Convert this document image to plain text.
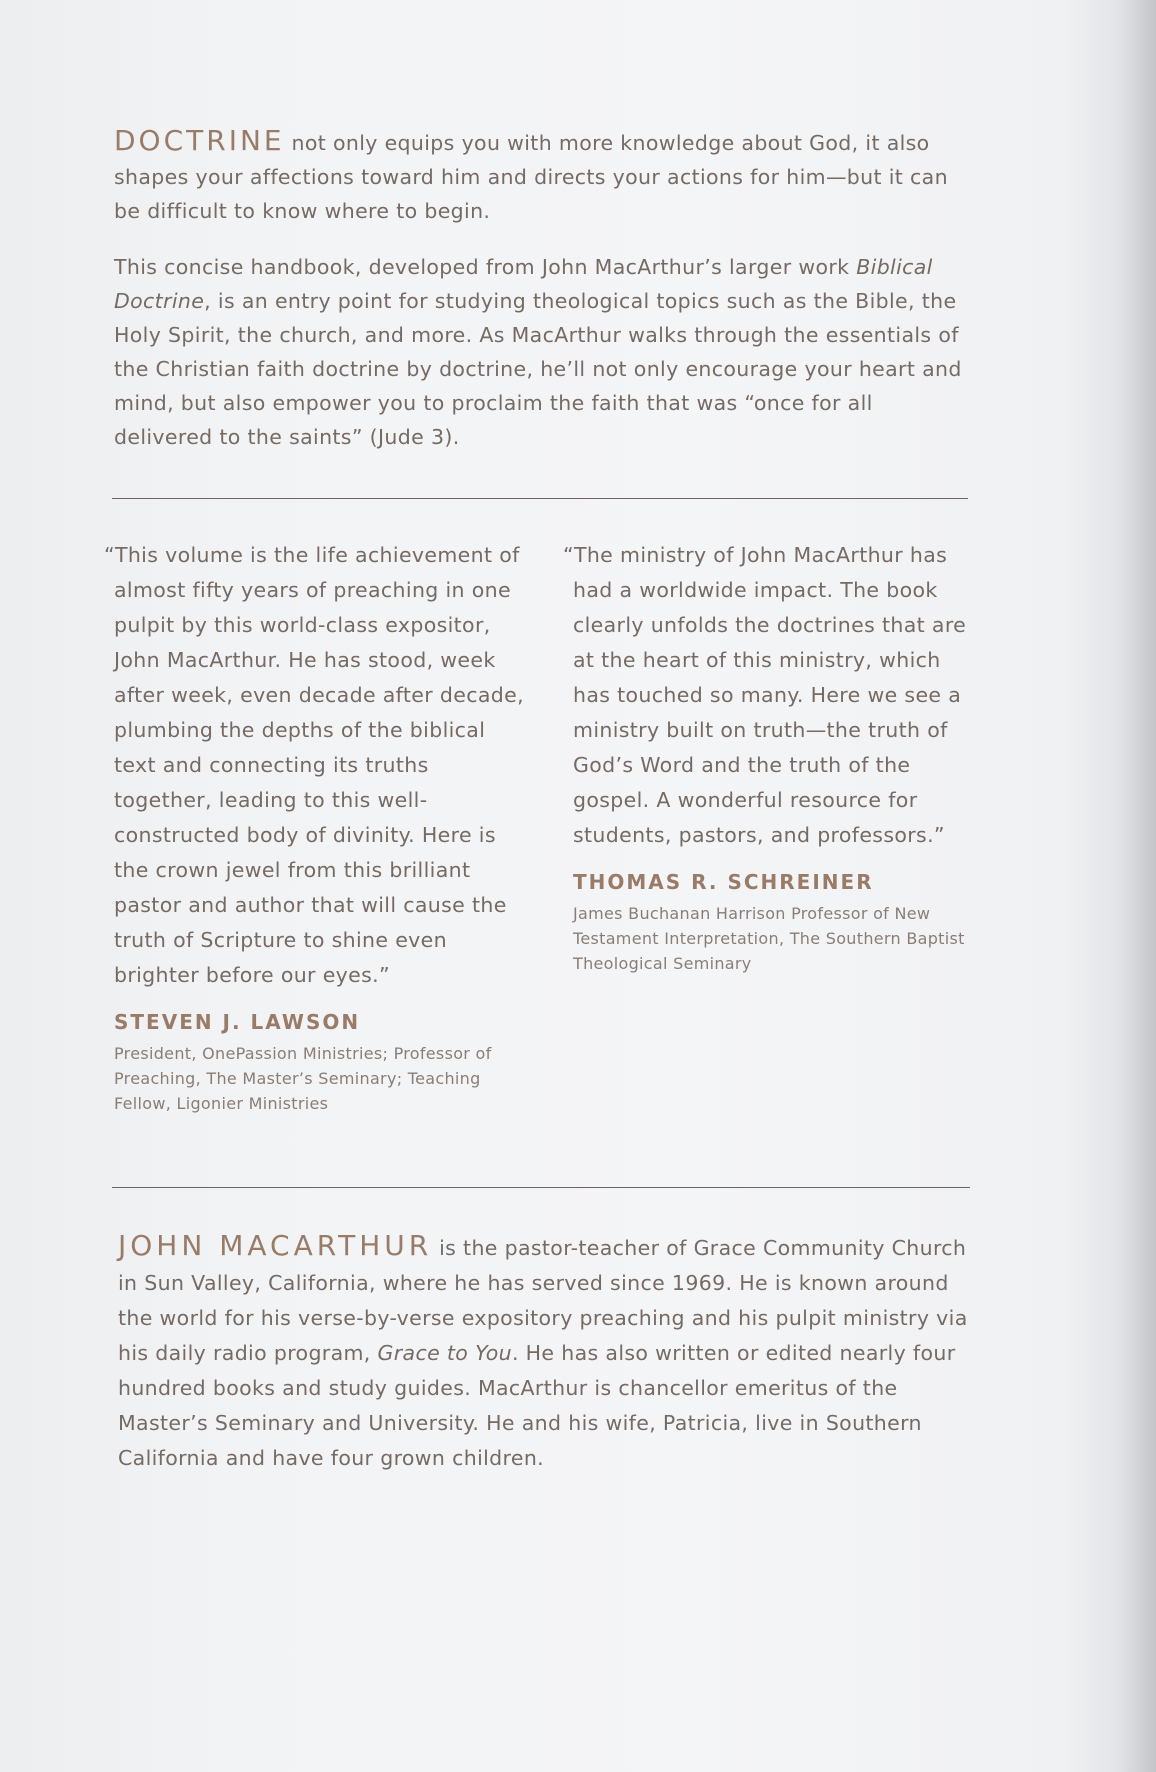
DOCTRINE not only equips you with more knowledge about God, it also shapes your affections toward him and directs your actions for him—but it can be difficult to know where to begin.

This concise handbook, developed from John MacArthur’s larger work Biblical Doctrine, is an entry point for studying theological topics such as the Bible, the Holy Spirit, the church, and more. As MacArthur walks through the essentials of the Christian faith doctrine by doctrine, he’ll not only encourage your heart and mind, but also empower you to proclaim the faith that was “once for all delivered to the saints” (Jude 3).

“This volume is the life achievement of almost fifty years of preaching in one pulpit by this world-class expositor, John MacArthur. He has stood, week after week, even decade after decade, plumbing the depths of the biblical text and connecting its truths together, leading to this well-constructed body of divinity. Here is the crown jewel from this brilliant pastor and author that will cause the truth of Scripture to shine even brighter before our eyes.”

STEVEN J. LAWSON
President, OnePassion Ministries; Professor of Preaching, The Master’s Seminary; Teaching Fellow, Ligonier Ministries

“The ministry of John MacArthur has had a worldwide impact. The book clearly unfolds the doctrines that are at the heart of this ministry, which has touched so many. Here we see a ministry built on truth—the truth of God’s Word and the truth of the gospel. A wonderful resource for students, pastors, and professors.”

THOMAS R. SCHREINER
James Buchanan Harrison Professor of New Testament Interpretation, The Southern Baptist Theological Seminary

JOHN MACARTHUR is the pastor-teacher of Grace Community Church in Sun Valley, California, where he has served since 1969. He is known around the world for his verse-by-verse expository preaching and his pulpit ministry via his daily radio program, Grace to You. He has also written or edited nearly four hundred books and study guides. MacArthur is chancellor emeritus of the Master’s Seminary and University. He and his wife, Patricia, live in Southern California and have four grown children.
